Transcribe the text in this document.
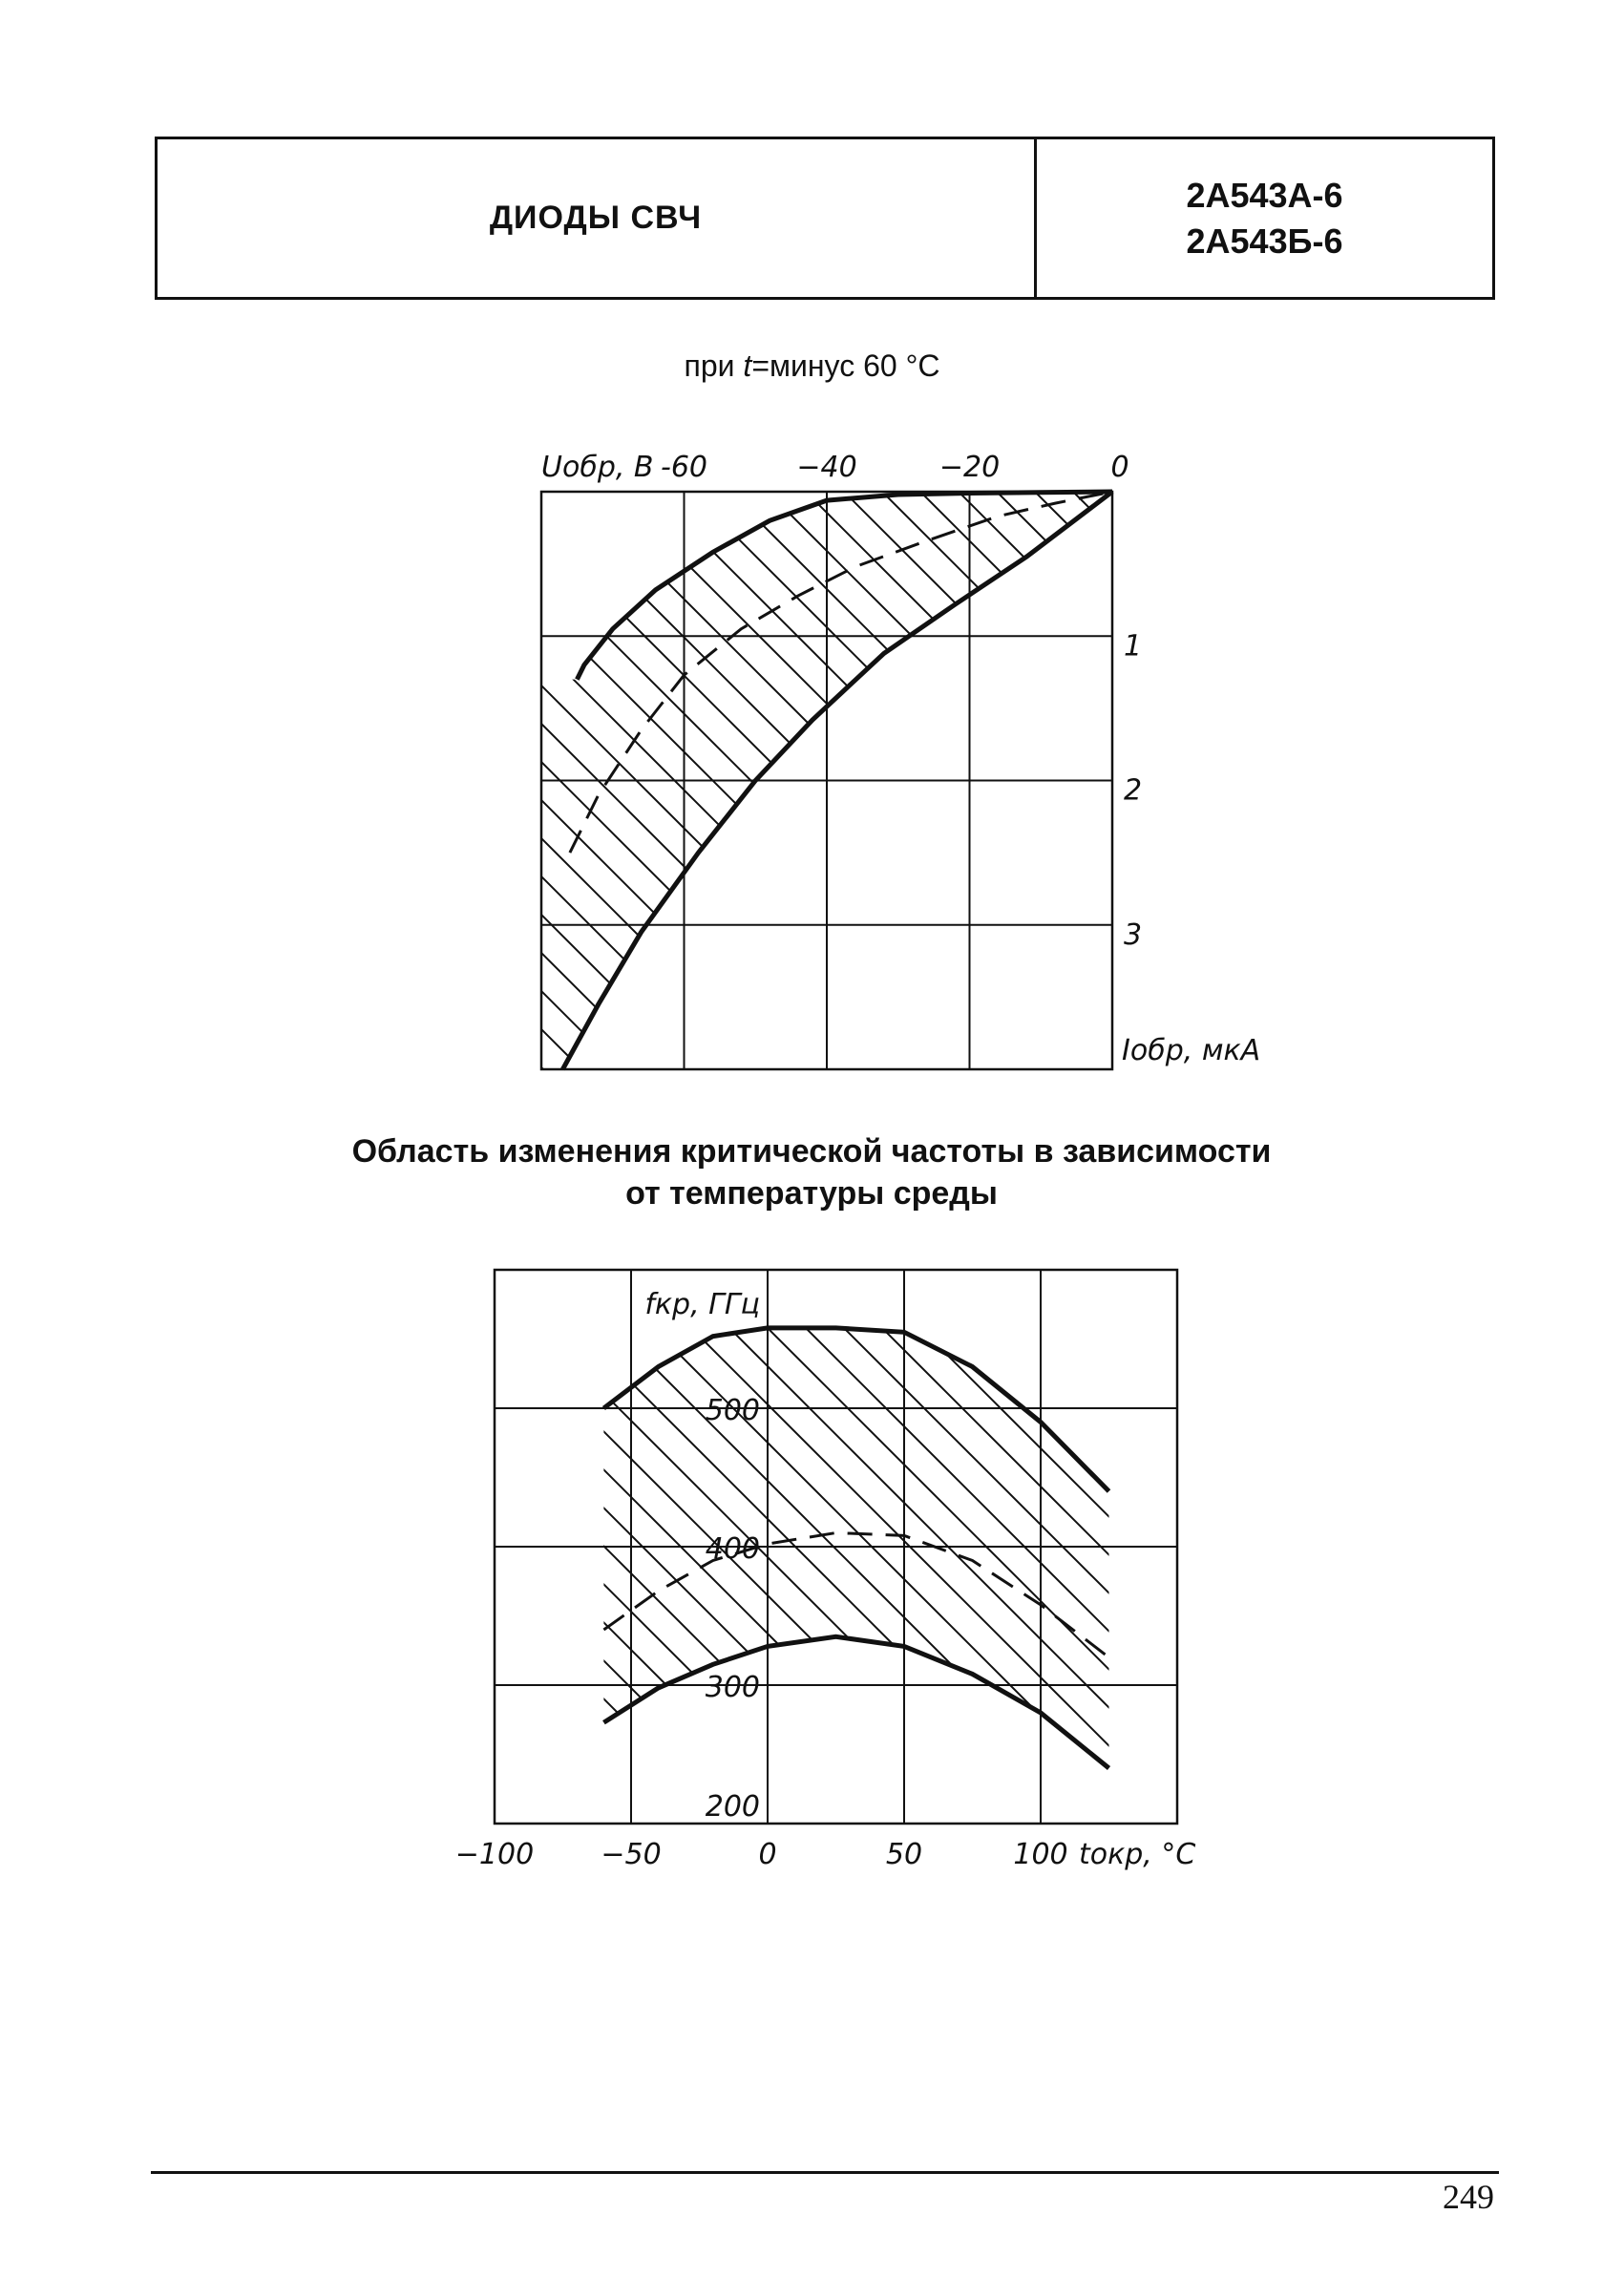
ДИОДЫ СВЧ
2А543А-6
2А543Б-6
при t=минус 60 °С
-60	−40	−20	0
Uобр, В
1
2
3
Iобр, мкА
Область изменения критической частоты в зависимости
от температуры среды
−100 −50	0	50	100 tокр, °С
200
300
400
500
fкр, ГГц
249
